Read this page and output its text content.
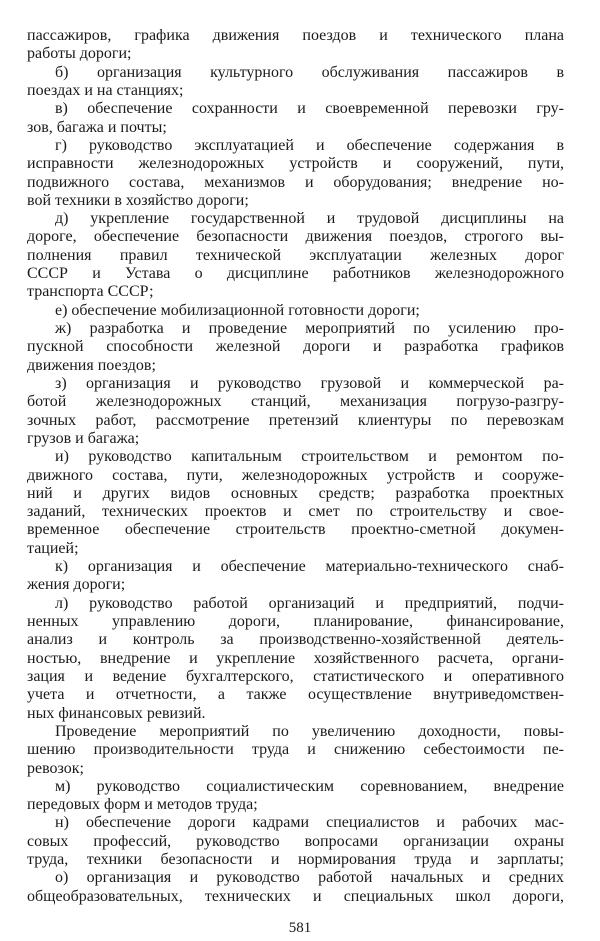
пассажиров, графика движения поездов и технического плана
работы дороги;
б) организация культурного обслуживания пассажиров в
поездах и на станциях;
в) обеспечение сохранности и своевременной перевозки гру-
зов, багажа и почты;
г) руководство эксплуатацией и обеспечение содержания в
исправности железнодорожных устройств и сооружений, пути,
подвижного состава, механизмов и оборудования; внедрение но-
вой техники в хозяйство дороги;
д) укрепление государственной и трудовой дисциплины на
дороге, обеспечение безопасности движения поездов, строгого вы-
полнения правил технической эксплуатации железных дорог
СССР и Устава о дисциплине работников железнодорожного
транспорта СССР;
е) обеспечение мобилизационной готовности дороги;
ж) разработка и проведение мероприятий по усилению про-
пускной способности железной дороги и разработка графиков
движения поездов;
з) организация и руководство грузовой и коммерческой ра-
ботой железнодорожных станций, механизация погрузо-разгру-
зочных работ, рассмотрение претензий клиентуры по перевозкам
грузов и багажа;
и) руководство капитальным строительством и ремонтом по-
движного состава, пути, железнодорожных устройств и сооруже-
ний и других видов основных средств; разработка проектных
заданий, технических проектов и смет по строительству и свое-
временное обеспечение строительств проектно-сметной докумен-
тацией;
к) организация и обеспечение материально-технического снаб-
жения дороги;
л) руководство работой организаций и предприятий, подчи-
ненных управлению дороги, планирование, финансирование,
анализ и контроль за производственно-хозяйственной деятель-
ностью, внедрение и укрепление хозяйственного расчета, органи-
зация и ведение бухгалтерского, статистического и оперативного
учета и отчетности, а также осуществление внутриведомствен-
ных финансовых ревизий.
Проведение мероприятий по увеличению доходности, повы-
шению производительности труда и снижению себестоимости пе-
ревозок;
м) руководство социалистическим соревнованием, внедрение
передовых форм и методов труда;
н) обеспечение дороги кадрами специалистов и рабочих мас-
совых профессий, руководство вопросами организации охраны
труда, техники безопасности и нормирования труда и зарплаты;
о) организация и руководство работой начальных и средних
общеобразовательных, технических и специальных школ дороги,
581
